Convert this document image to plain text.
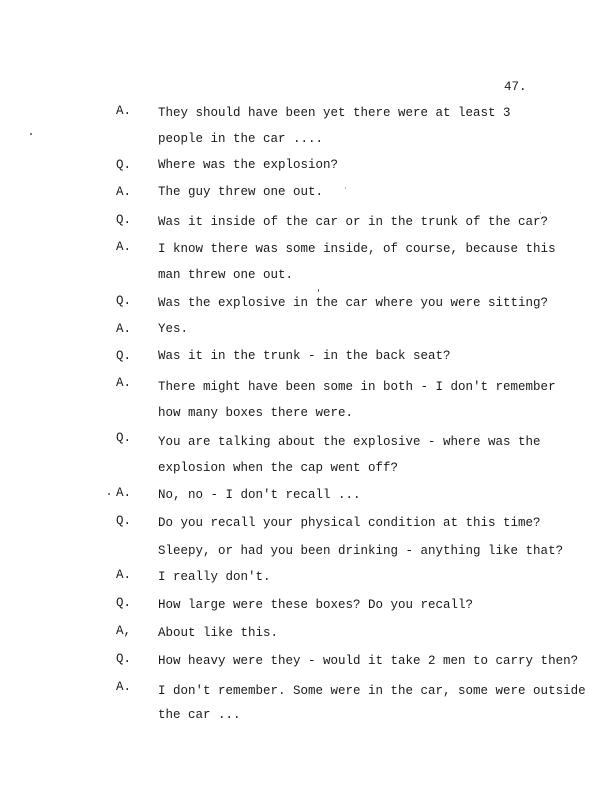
47.
A. They should have been yet there were at least 3
people in the car ....
Q. Where was the explosion?
A. The guy threw one out.
Q. Was it inside of the car or in the trunk of the car?
A. I know there was some inside, of course, because this
man threw one out.
Q. Was the explosive in the car where you were sitting?
A. Yes.
Q. Was it in the trunk - in the back seat?
A. There might have been some in both - I don't remember
how many boxes there were.
Q. You are talking about the explosive - where was the
explosion when the cap went off?
A. No, no - I don't recall ...
Q. Do you recall your physical condition at this time?
Sleepy, or had you been drinking - anything like that?
A. I really don't.
Q. How large were these boxes? Do you recall?
A, About like this.
Q. How heavy were they - would it take 2 men to carry then?
A. I don't remember. Some were in the car, some were outside
the car ...
